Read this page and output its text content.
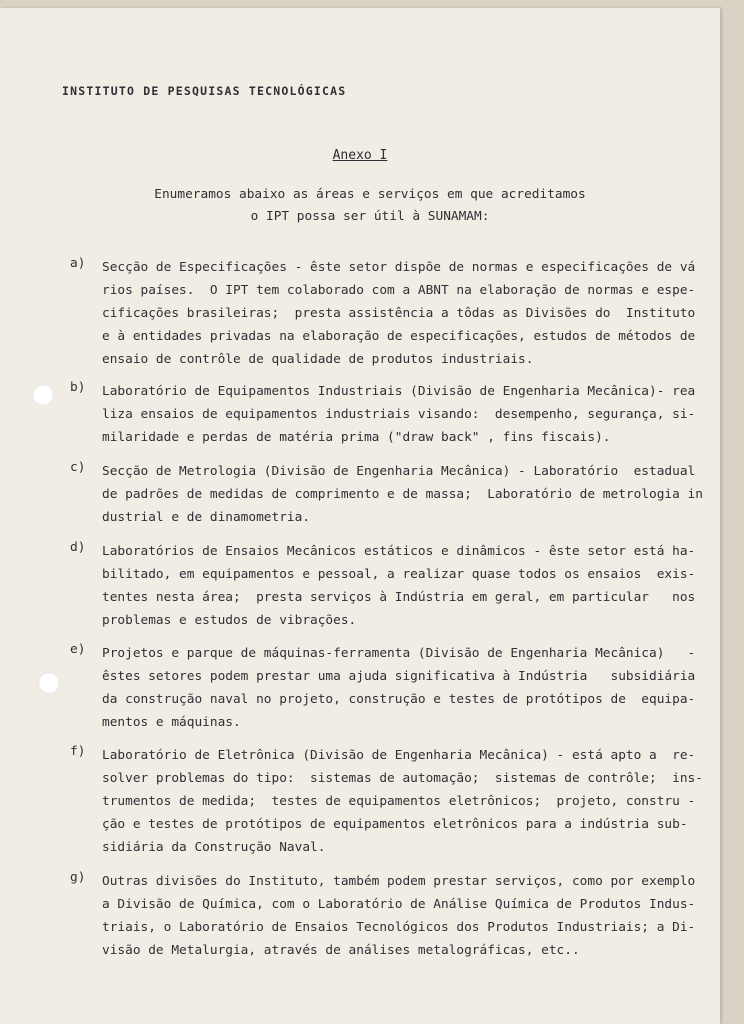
INSTITUTO DE PESQUISAS TECNOLÓGICAS
Anexo I
Enumeramos abaixo as áreas e serviços em que acreditamos
o IPT possa ser útil à SUNAMAM:
a) Secção de Especificações - êste setor dispõe de normas e especificações de vá
rios países.  O IPT tem colaborado com a ABNT na elaboração de normas e espe-
cificações brasileiras;  presta assistência a tôdas as Divisões do  Instituto
e à entidades privadas na elaboração de especificações, estudos de métodos de
ensaio de contrôle de qualidade de produtos industriais.
b) Laboratório de Equipamentos Industriais (Divisão de Engenharia Mecânica)- rea
liza ensaios de equipamentos industriais visando:  desempenho, segurança, si-
milaridade e perdas de matéria prima ("draw back" , fins fiscais).
c) Secção de Metrologia (Divisão de Engenharia Mecânica) - Laboratório  estadual
de padrões de medidas de comprimento e de massa;  Laboratório de metrologia in
dustrial e de dinamometria.
d) Laboratórios de Ensaios Mecânicos estáticos e dinâmicos - êste setor está ha-
bilitado, em equipamentos e pessoal, a realizar quase todos os ensaios  exis-
tentes nesta área;  presta serviços à Indústria em geral, em particular   nos
problemas e estudos de vibrações.
e) Projetos e parque de máquinas-ferramenta (Divisão de Engenharia Mecânica)   -
êstes setores podem prestar uma ajuda significativa à Indústria   subsidiária
da construção naval no projeto, construção e testes de protótipos de  equipa-
mentos e máquinas.
f) Laboratório de Eletrônica (Divisão de Engenharia Mecânica) - está apto a  re-
solver problemas do tipo:  sistemas de automação;  sistemas de contrôle;  ins-
trumentos de medida;  testes de equipamentos eletrônicos;  projeto, constru -
ção e testes de protótipos de equipamentos eletrônicos para a indústria sub-
sidiária da Construção Naval.
g) Outras divisões do Instituto, também podem prestar serviços, como por exemplo
a Divisão de Química, com o Laboratório de Análise Química de Produtos Indus-
triais, o Laboratório de Ensaios Tecnológicos dos Produtos Industriais; a Di-
visão de Metalurgia, através de análises metalográficas, etc..
